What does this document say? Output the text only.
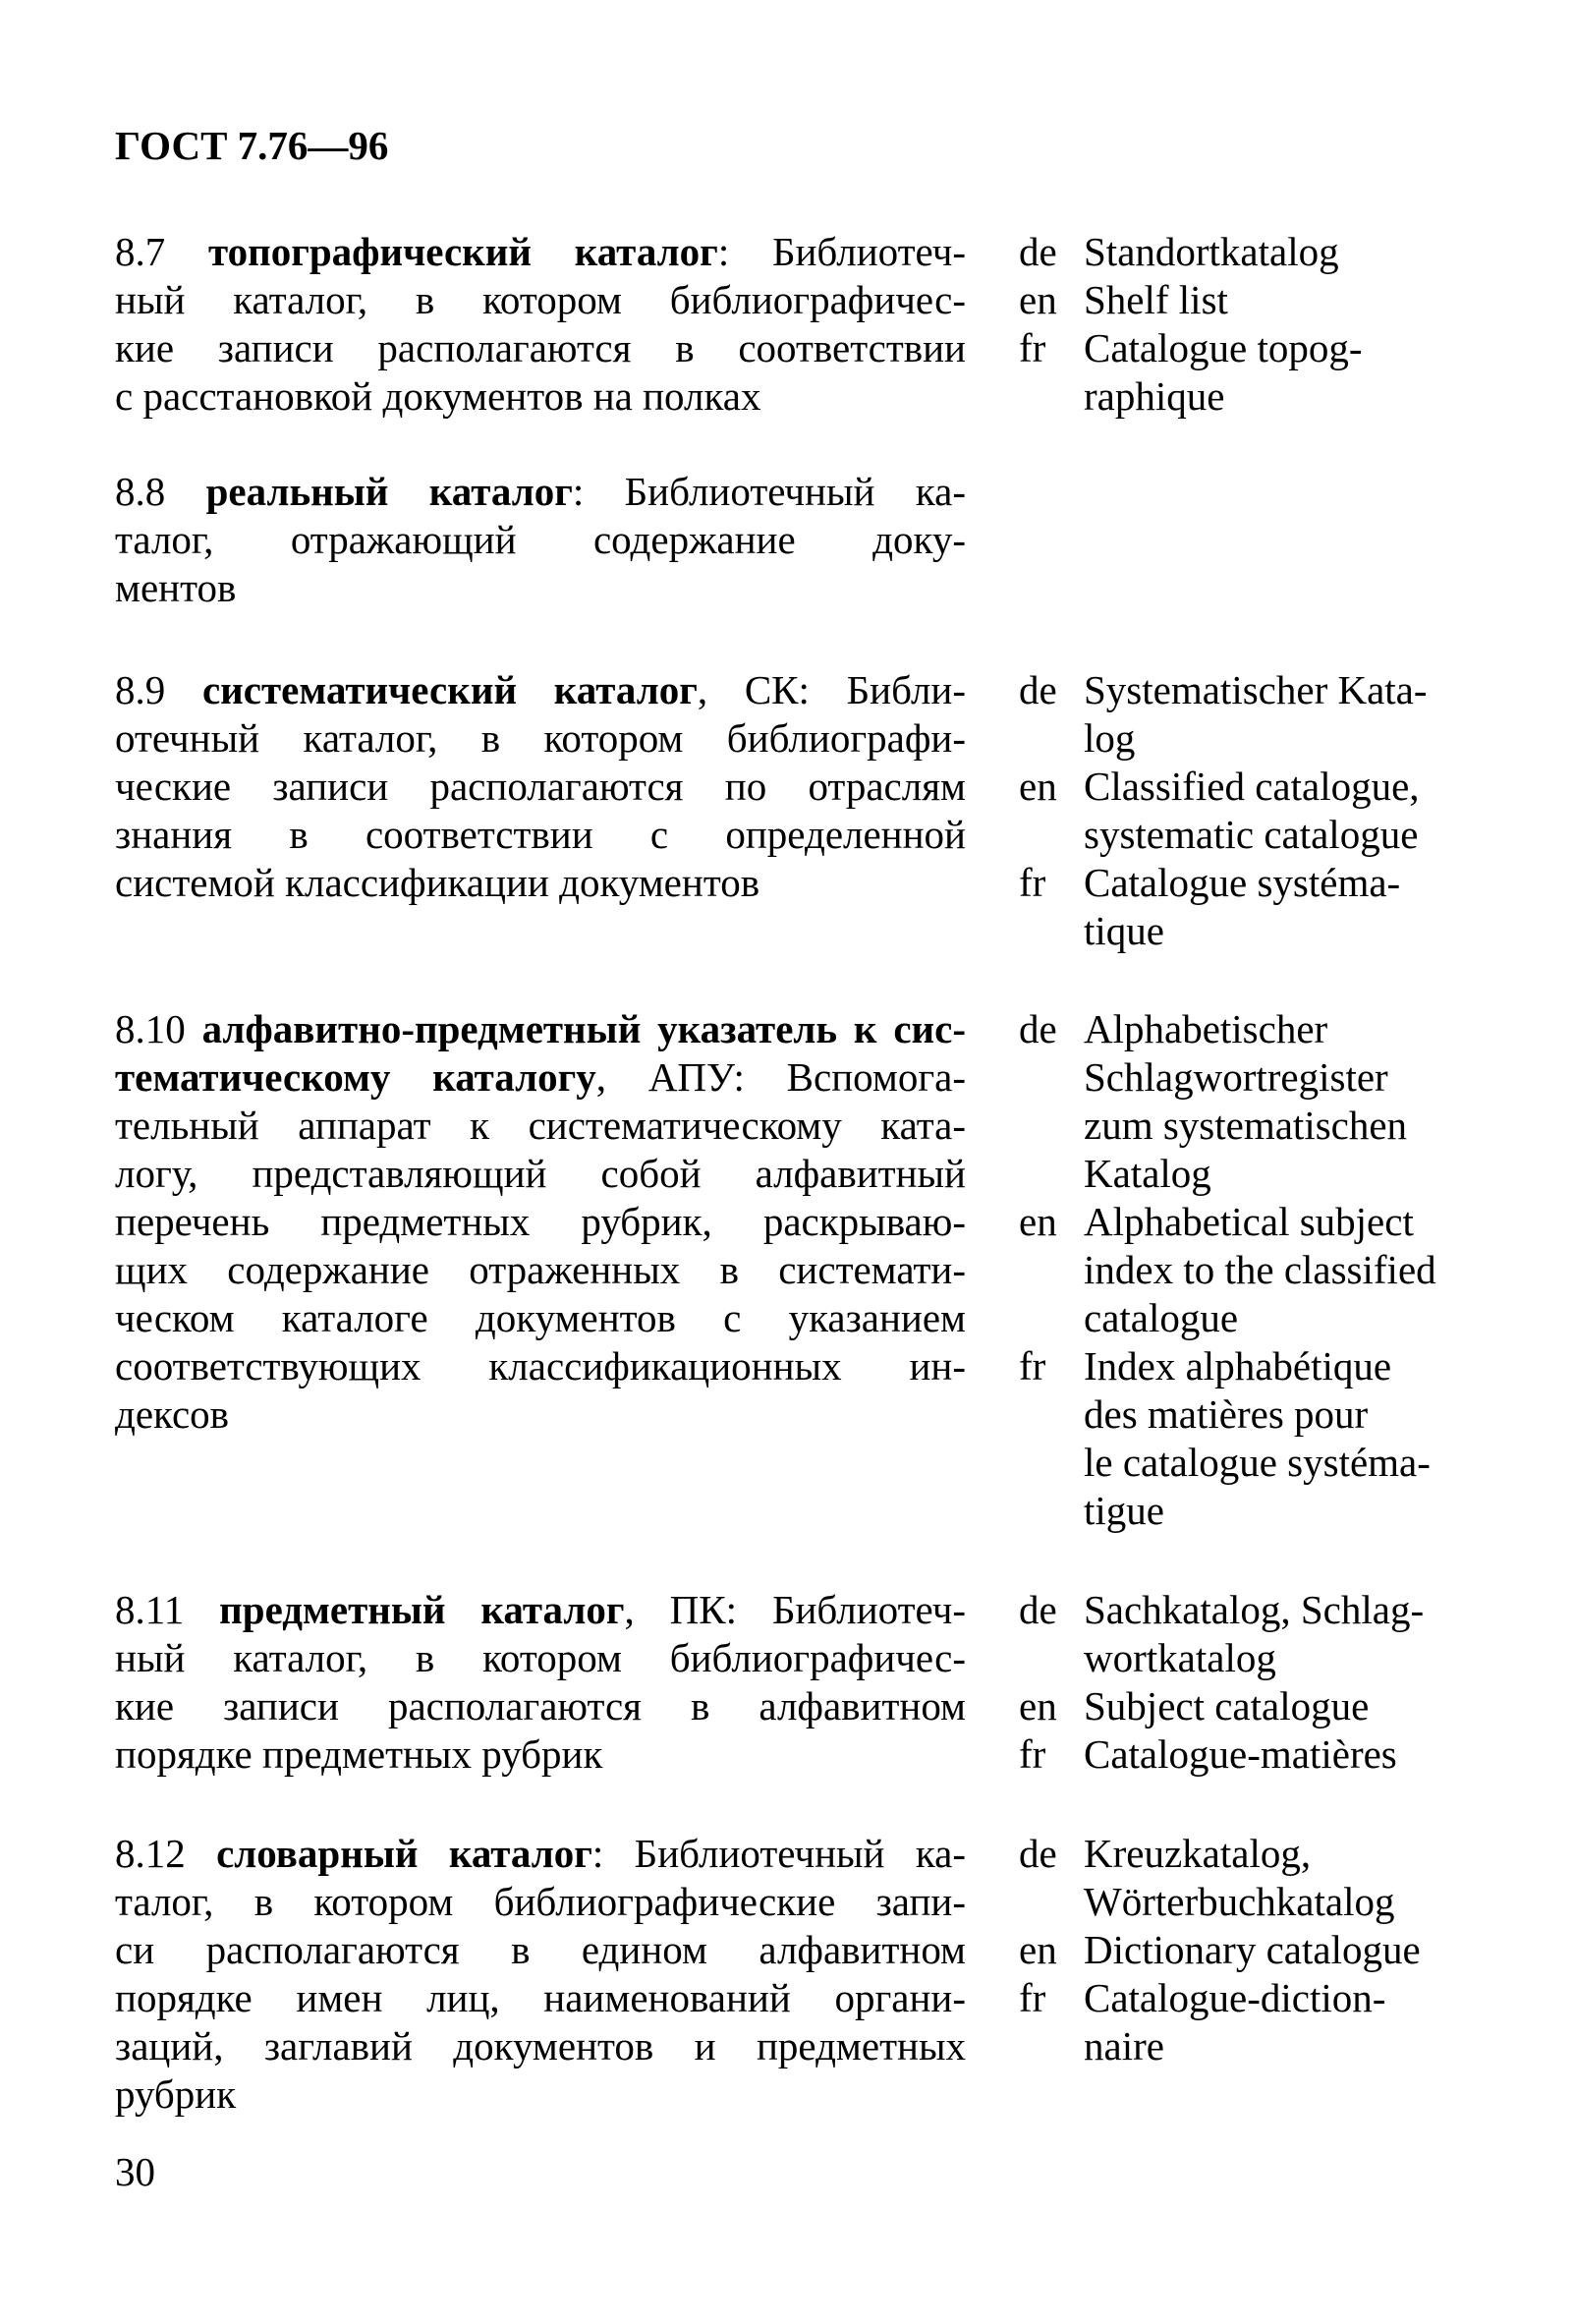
ГОСТ 7.76—96
8.7 топографический каталог: Библиотеч-
ный каталог, в котором библиографичес-
кие записи располагаются в соответствии
с расстановкой документов на полках
de Standortkatalog
en Shelf list
fr Catalogue topog-
raphique
8.8 реальный каталог: Библиотечный ка-
талог, отражающий содержание доку-
ментов
8.9 систематический каталог, СК: Библи-
отечный каталог, в котором библиографи-
ческие записи располагаются по отраслям
знания в соответствии с определенной
системой классификации документов
de Systematischer Kata-
log
en Classified catalogue,
systematic catalogue
fr Catalogue systéma-
tique
8.10 алфавитно-предметный указатель к сис-
тематическому каталогу, АПУ: Вспомога-
тельный аппарат к систематическому ката-
логу, представляющий собой алфавитный
перечень предметных рубрик, раскрываю-
щих содержание отраженных в системати-
ческом каталоге документов с указанием
соответствующих классификационных ин-
дексов
de Alphabetischer
Schlagwortregister
zum systematischen
Katalog
en Alphabetical subject
index to the classified
catalogue
fr Index alphabétique
des matières pour
le catalogue systéma-
tigue
8.11 предметный каталог, ПК: Библиотеч-
ный каталог, в котором библиографичес-
кие записи располагаются в алфавитном
порядке предметных рубрик
de Sachkatalog, Schlag-
wortkatalog
en Subject catalogue
fr Catalogue-matières
8.12 словарный каталог: Библиотечный ка-
талог, в котором библиографические запи-
си располагаются в едином алфавитном
порядке имен лиц, наименований органи-
заций, заглавий документов и предметных
рубрик
de Kreuzkatalog,
Wörterbuchkatalog
en Dictionary catalogue
fr Catalogue-diction-
naire
30
